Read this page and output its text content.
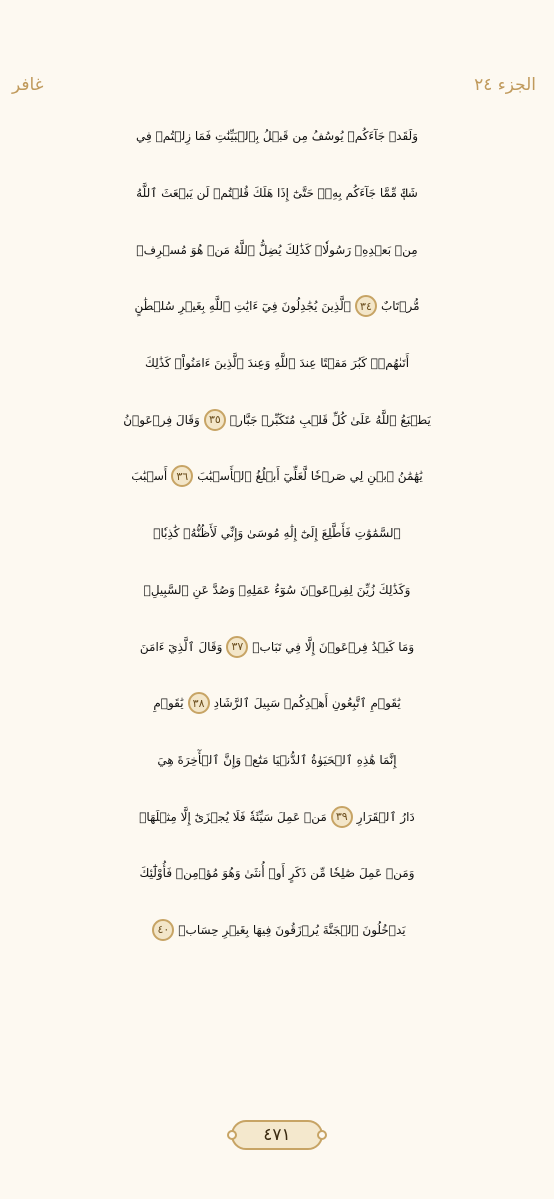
غافر	الجزء ٢٤
وَلَقَدۡ جَآءَكُمۡ يُوسُفُ مِن قَبۡلُ بِٱلۡبَيِّنَٰتِ فَمَا زِلۡتُمۡ فِي
شَكّٖ مِّمَّا جَآءَكُم بِهِۦۖ حَتَّىٰٓ إِذَا هَلَكَ قُلۡتُمۡ لَن يَبۡعَثَ ٱللَّهُ
مِنۢ بَعۡدِهِۦ رَسُولٗاۚ كَذَٰلِكَ يُضِلُّ ٱللَّهُ مَنۡ هُوَ مُسۡرِفٞ
مُّرۡتَابٌ
٣٤
ٱلَّذِينَ يُجَٰدِلُونَ فِيٓ ءَايَٰتِ ٱللَّهِ بِغَيۡرِ سُلۡطَٰنٍ
أَتَىٰهُمۡۖ كَبُرَ مَقۡتًا عِندَ ٱللَّهِ وَعِندَ ٱلَّذِينَ ءَامَنُواْۚ كَذَٰلِكَ
يَطۡبَعُ ٱللَّهُ عَلَىٰ كُلِّ قَلۡبِ مُتَكَبِّرٖ جَبَّارٖ
٣٥
وَقَالَ فِرۡعَوۡنُ
يَٰهَٰمَٰنُ ٱبۡنِ لِي صَرۡحٗا لَّعَلِّيٓ أَبۡلُغُ ٱلۡأَسۡبَٰبَ
٣٦
أَسۡبَٰبَ
ٱلسَّمَٰوَٰتِ فَأَطَّلِعَ إِلَىٰٓ إِلَٰهِ مُوسَىٰ وَإِنِّي لَأَظُنُّهُۥ كَٰذِبٗاۚ
وَكَذَٰلِكَ زُيِّنَ لِفِرۡعَوۡنَ سُوٓءُ عَمَلِهِۦ وَصُدَّ عَنِ ٱلسَّبِيلِۚ
وَمَا كَيۡدُ فِرۡعَوۡنَ إِلَّا فِي تَبَابٖ
٣٧
وَقَالَ ٱلَّذِيٓ ءَامَنَ
يَٰقَوۡمِ ٱتَّبِعُونِ أَهۡدِكُمۡ سَبِيلَ ٱلرَّشَادِ
٣٨
يَٰقَوۡمِ
إِنَّمَا هَٰذِهِ ٱلۡحَيَوٰةُ ٱلدُّنۡيَا مَتَٰعٞ وَإِنَّ ٱلۡأٓخِرَةَ هِيَ
دَارُ ٱلۡقَرَارِ
٣٩
مَنۡ عَمِلَ سَيِّئَةٗ فَلَا يُجۡزَىٰٓ إِلَّا مِثۡلَهَاۖ
وَمَنۡ عَمِلَ صَٰلِحٗا مِّن ذَكَرٍ أَوۡ أُنثَىٰ وَهُوَ مُؤۡمِنٞ فَأُوْلَٰٓئِكَ
يَدۡخُلُونَ ٱلۡجَنَّةَ يُرۡزَقُونَ فِيهَا بِغَيۡرِ حِسَابٖ
٤٠
٤٧١
